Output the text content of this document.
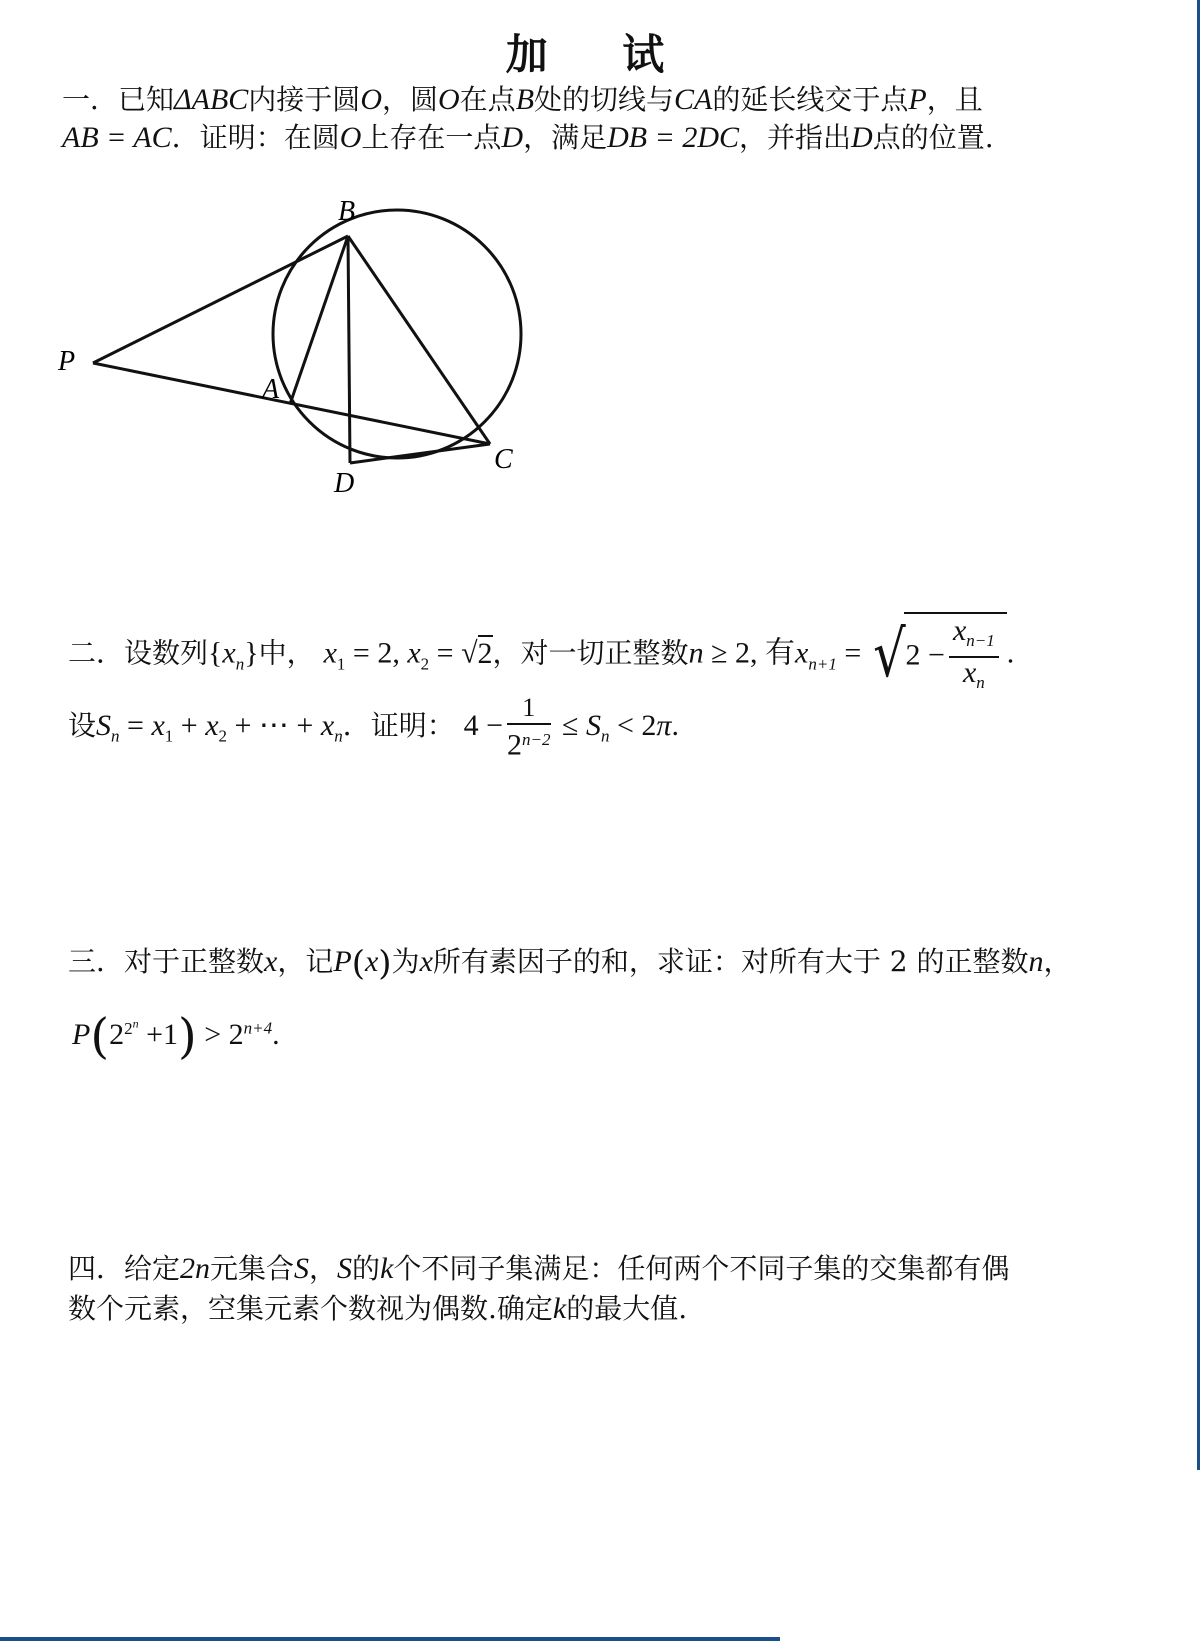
加 试
一．已知ΔABC内接于圆O，圆O在点B处的切线与CA的延长线交于点P，且
AB = AC．证明：在圆O上存在一点D，满足DB = 2DC，并指出D点的位置.
B
P
A
C
D
二．设数列$\{x_n\}$中， $x_1 = 2$, $x_2 = √2$，对一切正整数n ≥ 2, 有$x_{n+1} = √2 - \frac{x_{n-1}}{x_n}$ .
设$S_n = x_1 + x_2$ + ⋯ + $x_n$．证明： $4 - \frac{1}{2^{n-2}} \le S_n < 2\pi$.
三．对于正整数x，记P(x)为x所有素因子的和，求证：对所有大于 2 的正整数n，
$P(2^{2^n} +1) > 2^{n+4}$.
四．给定2n元集合S，S的k个不同子集满足：任何两个不同子集的交集都有偶
数个元素，空集元素个数视为偶数.确定k的最大值.
